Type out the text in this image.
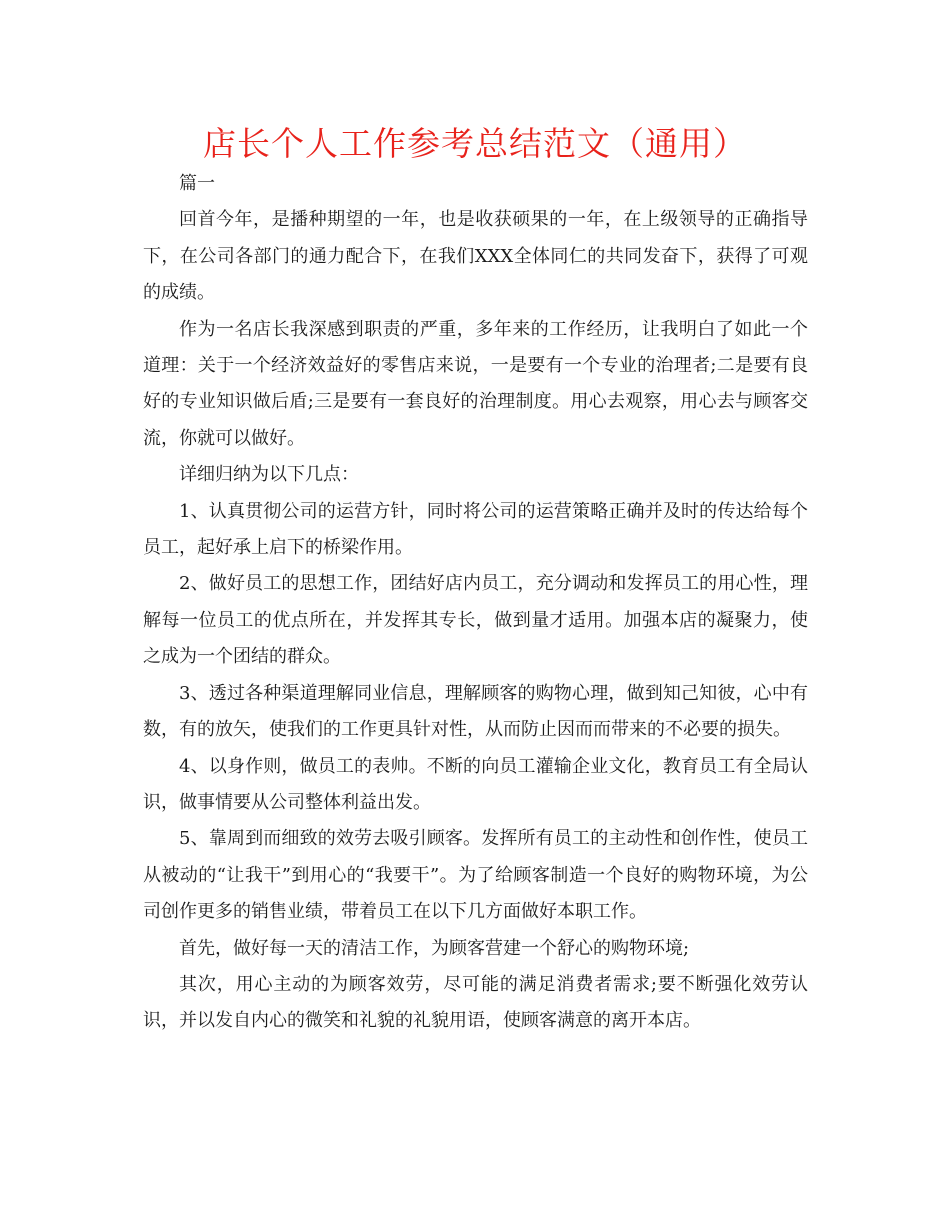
店长个人工作参考总结范文（通用）

篇一

回首今年，是播种期望的一年，也是收获硕果的一年，在上级领导的正确指导下，在公司各部门的通力配合下，在我们XXX全体同仁的共同发奋下，获得了可观的成绩。

作为一名店长我深感到职责的严重，多年来的工作经历，让我明白了如此一个道理：关于一个经济效益好的零售店来说，一是要有一个专业的治理者;二是要有良好的专业知识做后盾;三是要有一套良好的治理制度。用心去观察，用心去与顾客交流，你就可以做好。

详细归纳为以下几点：

1、认真贯彻公司的运营方针，同时将公司的运营策略正确并及时的传达给每个员工，起好承上启下的桥梁作用。

2、做好员工的思想工作，团结好店内员工，充分调动和发挥员工的用心性，理解每一位员工的优点所在，并发挥其专长，做到量才适用。加强本店的凝聚力，使之成为一个团结的群众。

3、透过各种渠道理解同业信息，理解顾客的购物心理，做到知己知彼，心中有数，有的放矢，使我们的工作更具针对性，从而防止因而而带来的不必要的损失。

4、以身作则，做员工的表帅。不断的向员工灌输企业文化，教育员工有全局认识，做事情要从公司整体利益出发。

5、靠周到而细致的效劳去吸引顾客。发挥所有员工的主动性和创作性，使员工从被动的“让我干”到用心的“我要干”。为了给顾客制造一个良好的购物环境，为公司创作更多的销售业绩，带着员工在以下几方面做好本职工作。

首先，做好每一天的清洁工作，为顾客营建一个舒心的购物环境;

其次，用心主动的为顾客效劳，尽可能的满足消费者需求;要不断强化效劳认识，并以发自内心的微笑和礼貌的礼貌用语，使顾客满意的离开本店。
